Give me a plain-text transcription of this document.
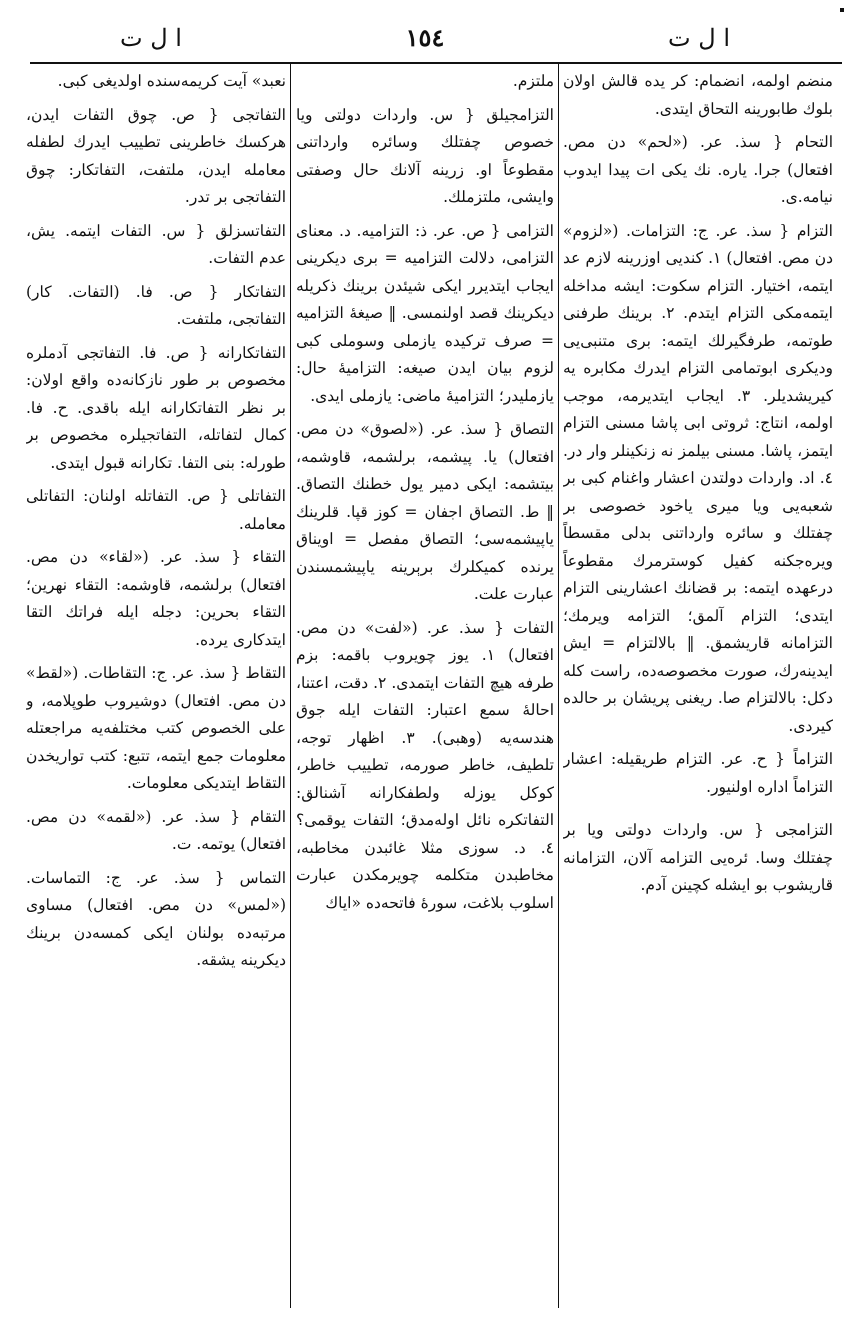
ا ل ت
١٥٤
ا ل ت

منضم اولمه، انضمام: کر یده قالش اولان بلوك طابورینه التحاق ایتدی.

التحام { سذ. عر. («لحم» دن مص. افتعال) جرا. یاره. نك یکی ات پیدا ایدوب نیامه.ی.

التزام { سذ. عر. ج: التزامات. («لزوم» دن مص. افتعال) ١. کندیی اوزرینه لازم عد ایتمه، اختیار. التزام سکوت: ایشه مداخله ایتمه‌مکی التزام ایتدم. ٢. برینك طرفنی طوتمه، طرفگیرلك ایتمه: بری متنبی‌یی ودیکری ابوتمامی التزام ایدرك مکابره یه کیریشدیلر. ٣. ایجاب ایتدیرمه، موجب اولمه، انتاج: ثروتی ابی پاشا مسنی التزام ایتمز، پاشا. مسنی بیلمز نه زنکینلر وار در. ٤. اد. واردات دولتدن اعشار واغنام کبی بر شعبه‌یی ویا میری یاخود خصوصی بر چفتلك و سائره وارداتنی بدلی مقسطاً ویره‌جکنه کفیل کوسترمرك مقطوعاً درعهده ایتمه: بر قضانك اعشارینی التزام ایتدی؛ التزام آلمق؛ التزامه ویرمك؛ التزامانه قاریشمق. ‖ بالالتزام = ایش ایدینه‌رك، صورت مخصوصه‌ده، راست کله دکل: بالالتزام صا. ریغنی پریشان بر حالده کیردی.

التزاماً { ح. عر. التزام طریقیله: اعشار التزاماً اداره اولنیور.

التزامجی { س. واردات دولتی ویا بر چفتلك وسا. ئره‌یی التزامه آلان، التزامانه قاریشوب بو ایشله کچینن آدم.

ملتزم.

التزامجیلق { س. واردات دولتی ویا خصوص چفتلك وسائره وارداتنی مقطوعاً او. زرینه آلانك حال وصفتی وایشی، ملتزملك.

التزامی { ص. عر. ذ: التزامیه. د. معنای التزامی، دلالت التزامیه = بری دیکرینی ایجاب ایتدیرر ایکی شیئدن برینك ذکریله دیکرینك قصد اولنمسی. ‖ صیغهٔ التزامیه = صرف ترکیده یازملی وسوملی کبی لزوم بیان ایدن صیغه: التزامیهٔ حال: یازملیدر؛ التزامیهٔ ماضی: یازملی ایدی.

التصاق { سذ. عر. («لصوق» دن مص. افتعال) یا. پیشمه، برلشمه، قاوشمه، بیتشمه: ایکی دمیر یول خطنك التصاق. ‖ ط. التصاق اجفان = کوز قپا. قلرینك یاپیشمه‌سی؛ التصاق مفصل = اویناق یرنده کمیکلرك برېرینه یاپیشمسندن عبارت علت.

التفات { سذ. عر. («لفت» دن مص. افتعال) ١. یوز چویروب باقمه: بزم طرفه هیچ التفات ایتمدی. ٢. دقت، اعتنا، احاله‌ٔ سمع اعتبار: التفات ایله جوق هندسه‌یه (وهبی). ٣. اظهار توجه، تلطیف، خاطر صورمه، تطییب خاطر، کوکل یوزله ولطفکارانه آشنالق: التفاتکره نائل اوله‌مدق؛ التفات یوقمی؟ ٤. د. سوزی مثلا غائبدن مخاطبه، مخاطبدن متکلمه چویرمکدن عبارت اسلوب بلاغت، سورهٔ فاتحه‌ده «ایاك

نعبد» آیت کریمه‌سنده اولدیغی کبی.

التفاتجی { ص. چوق التفات ایدن، هرکسك خاطرینی تطییب ایدرك لطفله معامله ایدن، ملتفت، التفاتکار: چوق التفاتجی بر تدر.

التفاتسزلق { س. التفات ایتمه. یش، عدم التفات.

التفاتکار { ص. فا. (التفات. کار) التفاتجی، ملتفت.

التفاتکارانه { ص. فا. التفاتجی آدملره مخصوص بر طور نازکانه‌ده واقع اولان: بر نظر التفاتکارانه ایله باقدی. ح. فا. کمال لتفاتله، التفاتجیلره مخصوص بر طورله: بنی التفا. تکارانه قبول ایتدی.

التفاتلی { ص. التفاتله اولنان: التفاتلی معامله.

التقاء { سذ. عر. («لقاء» دن مص. افتعال) برلشمه، قاوشمه: التقاء نهرین؛ التقاء بحرین: دجله ایله فراتك التقا ایتدکاری یرده.

التقاط { سذ. عر. ج: التقاطات. («لقط» دن مص. افتعال) دوشیروب طوپلامه، و علی الخصوص کتب مختلفه‌یه مراجعتله معلومات جمع ایتمه، تتبع: کتب تواریخدن التقاط ایتدیکی معلومات.

التقام { سذ. عر. («لقمه» دن مص. افتعال) یوتمه. ت.

التماس { سذ. عر. ج: التماسات. («لمس» دن مص. افتعال) مساوی مرتبه‌ده بولنان ایکی کمسه‌دن برینك دیکرینه یشقه.
